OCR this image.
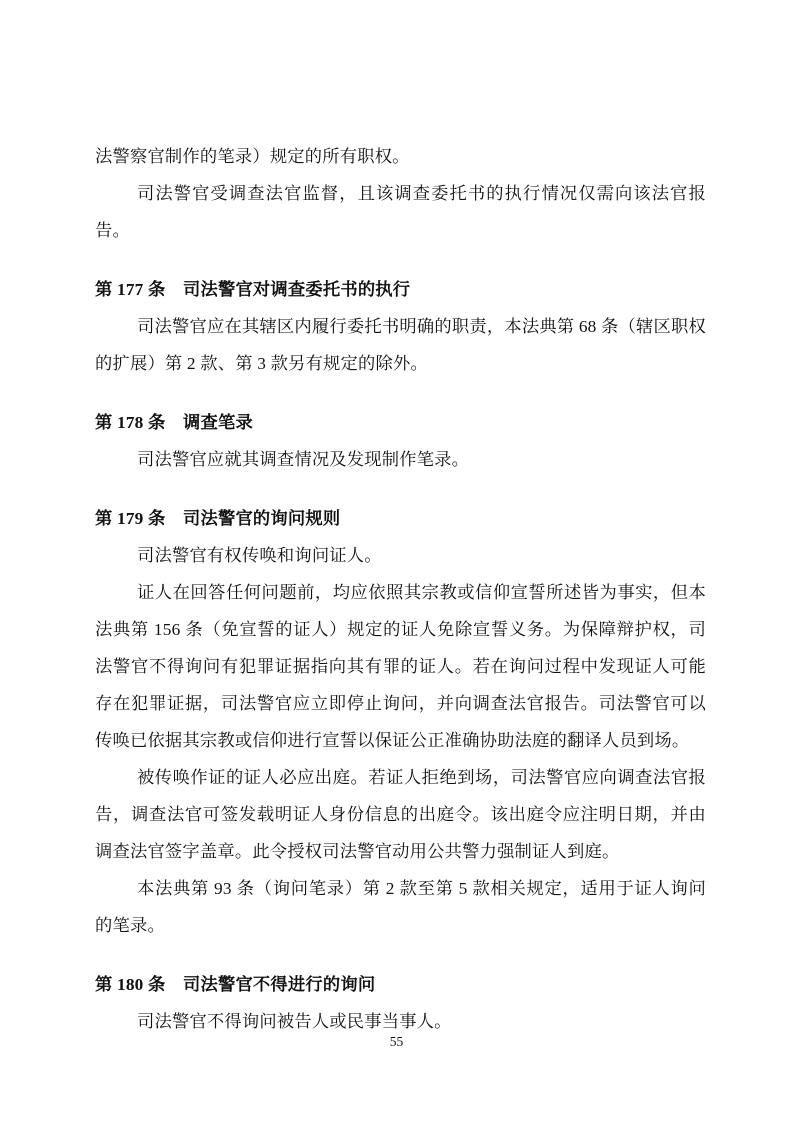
法警察官制作的笔录）规定的所有职权。

司法警官受调查法官监督，且该调查委托书的执行情况仅需向该法官报告。

第 177 条　司法警官对调查委托书的执行

司法警官应在其辖区内履行委托书明确的职责，本法典第 68 条（辖区职权的扩展）第 2 款、第 3 款另有规定的除外。

第 178 条　调查笔录

司法警官应就其调查情况及发现制作笔录。

第 179 条　司法警官的询问规则

司法警官有权传唤和询问证人。

证人在回答任何问题前，均应依照其宗教或信仰宣誓所述皆为事实，但本法典第 156 条（免宣誓的证人）规定的证人免除宣誓义务。为保障辩护权，司法警官不得询问有犯罪证据指向其有罪的证人。若在询问过程中发现证人可能存在犯罪证据，司法警官应立即停止询问，并向调查法官报告。司法警官可以传唤已依据其宗教或信仰进行宣誓以保证公正准确协助法庭的翻译人员到场。

被传唤作证的证人必应出庭。若证人拒绝到场，司法警官应向调查法官报告，调查法官可签发载明证人身份信息的出庭令。该出庭令应注明日期，并由调查法官签字盖章。此令授权司法警官动用公共警力强制证人到庭。

本法典第 93 条（询问笔录）第 2 款至第 5 款相关规定，适用于证人询问的笔录。

第 180 条　司法警官不得进行的询问

司法警官不得询问被告人或民事当事人。

55
